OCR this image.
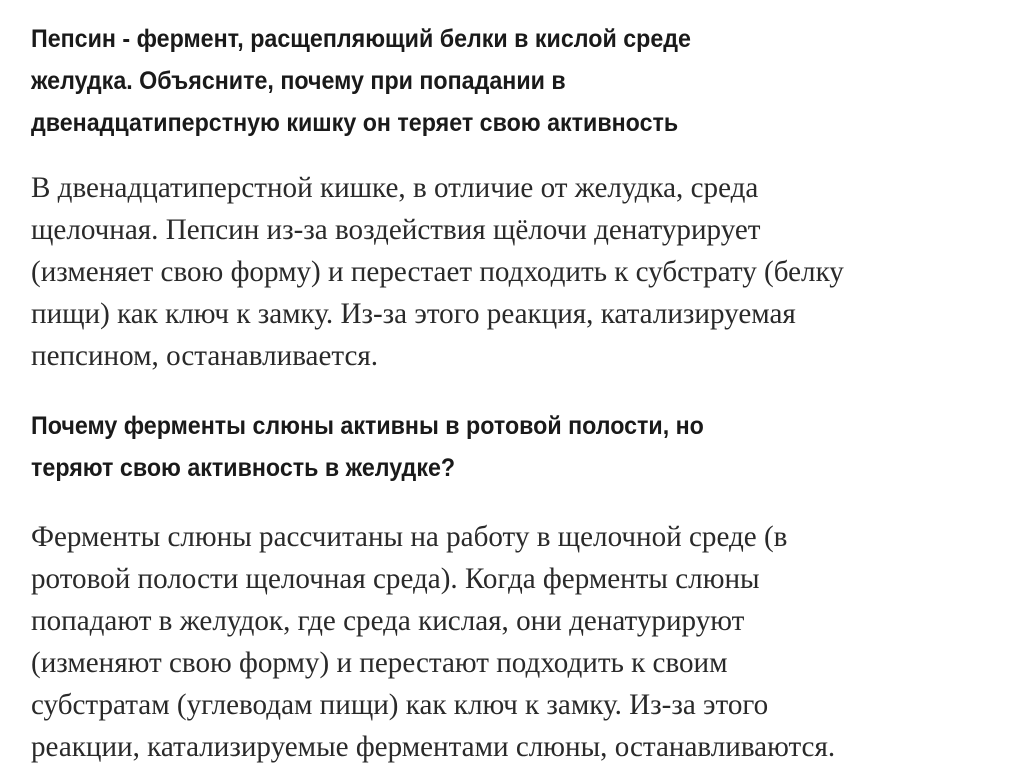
Пепсин - фермент, расщепляющий белки в кислой среде
желудка. Объясните, почему при попадании в
двенадцатиперстную кишку он теряет свою активность

В двенадцатиперстной кишке, в отличие от желудка, среда
щелочная. Пепсин из-за воздействия щёлочи денатурирует
(изменяет свою форму) и перестает подходить к субстрату (белку
пищи) как ключ к замку. Из-за этого реакция, катализируемая
пепсином, останавливается.

Почему ферменты слюны активны в ротовой полости, но
теряют свою активность в желудке?

Ферменты слюны рассчитаны на работу в щелочной среде (в
ротовой полости щелочная среда). Когда ферменты слюны
попадают в желудок, где среда кислая, они денатурируют
(изменяют свою форму) и перестают подходить к своим
субстратам (углеводам пищи) как ключ к замку. Из-за этого
реакции, катализируемые ферментами слюны, останавливаются.
